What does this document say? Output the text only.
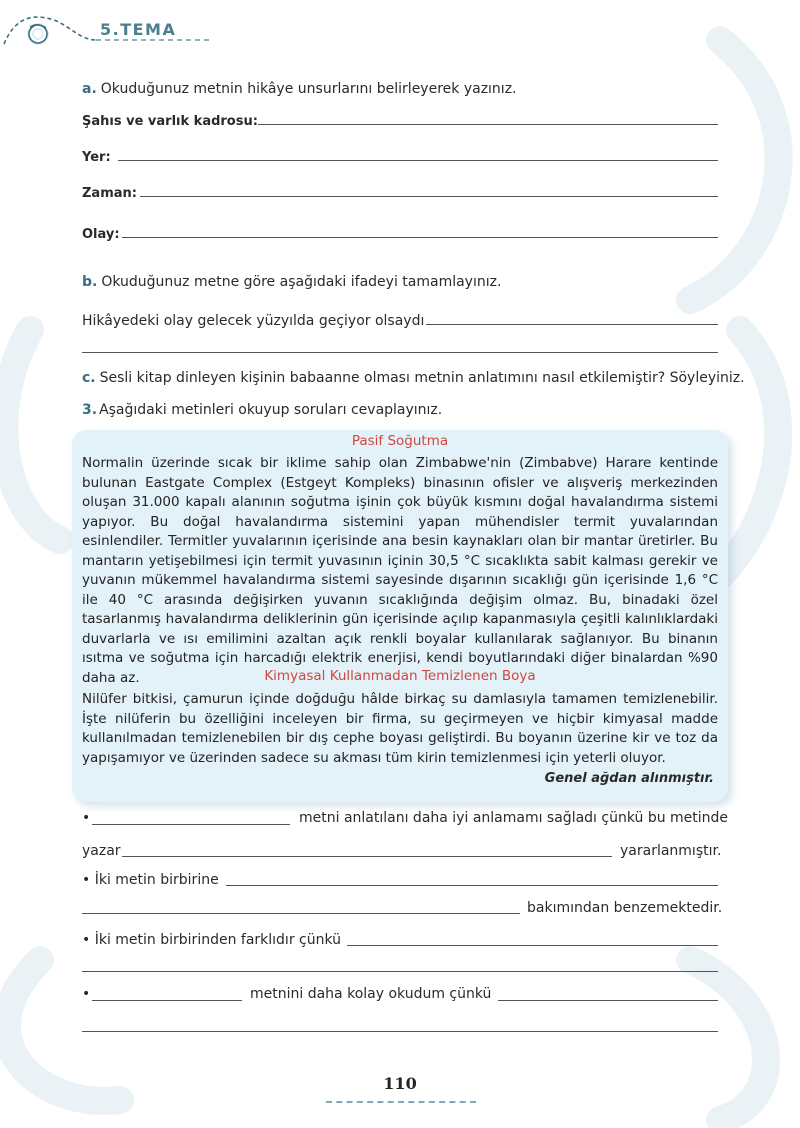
5.TEMA
a. Okuduğunuz metnin hikâye unsurlarını belirleyerek yazınız.
Şahıs ve varlık kadrosu:
Yer:
Zaman:
Olay:
b. Okuduğunuz metne göre aşağıdaki ifadeyi tamamlayınız.
Hikâyedeki olay gelecek yüzyılda geçiyor olsaydı
c. Sesli kitap dinleyen kişinin babaanne olması metnin anlatımını nasıl etkilemiştir? Söyleyiniz.
3. Aşağıdaki metinleri okuyup soruları cevaplayınız.
Pasif Soğutma
Normalin üzerinde sıcak bir iklime sahip olan Zimbabwe'nin (Zimbabve) Harare kentinde bulunan Eastgate Complex (Estgeyt Kompleks) binasının ofisler ve alışveriş merkezinden oluşan 31.000 kapalı alanının soğutma işinin çok büyük kısmını doğal havalandırma sistemi yapıyor. Bu doğal havalandırma sistemini yapan mühendisler termit yuvalarından esinlendiler. Termitler yuvalarının içerisinde ana besin kaynakları olan bir mantar üretirler. Bu mantarın yetişebilmesi için termit yuvasının içinin 30,5 °C sıcaklıkta sabit kalması gerekir ve yuvanın mükemmel havalandırma sistemi sayesinde dışarının sıcaklığı gün içerisinde 1,6 °C ile 40 °C arasında değişirken yuvanın sıcaklığında değişim olmaz. Bu, binadaki özel tasarlanmış havalandırma deliklerinin gün içerisinde açılıp kapanmasıyla çeşitli kalınlıklardaki duvarlarla ve ısı emilimini azaltan açık renkli boyalar kullanılarak sağlanıyor. Bu binanın ısıtma ve soğutma için harcadığı elektrik enerjisi, kendi boyutlarındaki diğer binalardan %90 daha az.	Kimyasal Kullanmadan Temizlenen Boya
Nilüfer bitkisi, çamurun içinde doğduğu hâlde birkaç su damlasıyla tamamen temizlenebilir. İşte nilüferin bu özelliğini inceleyen bir firma, su geçirmeyen ve hiçbir kimyasal madde kullanılmadan temizlenebilen bir dış cephe boyası geliştirdi. Bu boyanın üzerine kir ve toz da yapışamıyor ve üzerinden sadece su akması tüm kirin temizlenmesi için yeterli oluyor.
Genel ağdan alınmıştır.
•	metni anlatılanı daha iyi anlamamı sağladı çünkü bu metinde
yazar	yararlanmıştır.
• İki metin birbirine
bakımından benzemektedir.
• İki metin birbirinden farklıdır çünkü
•	metnini daha kolay okudum çünkü
110
